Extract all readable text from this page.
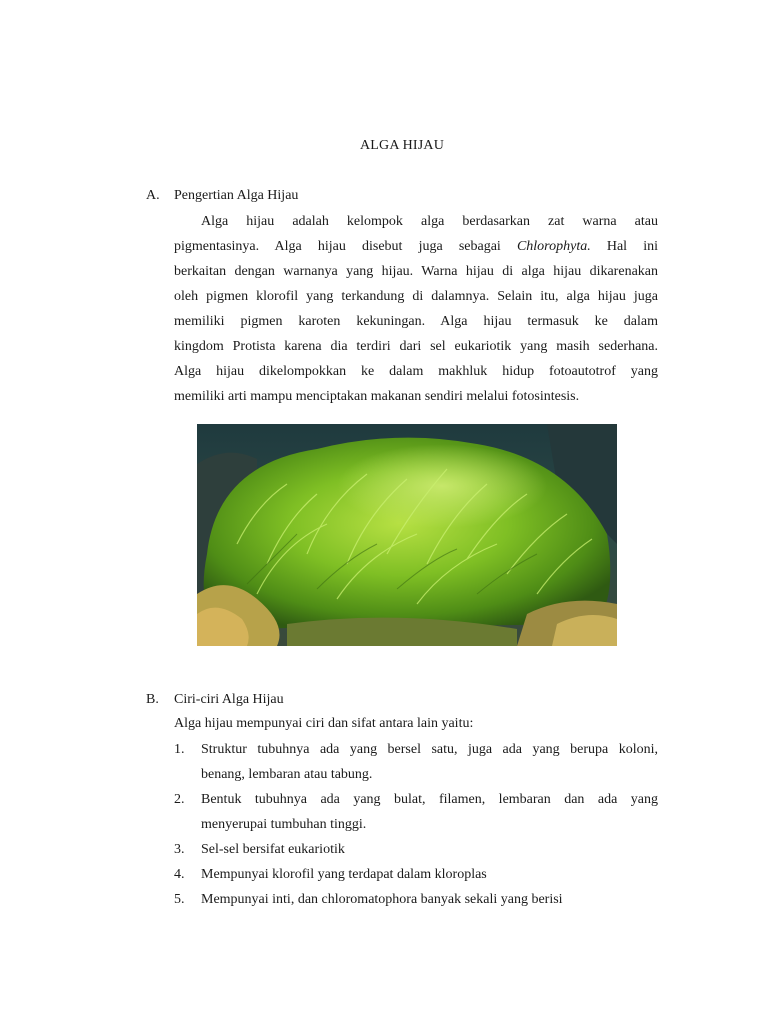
ALGA HIJAU
A. Pengertian Alga Hijau
Alga hijau adalah kelompok alga berdasarkan zat warna atau
pigmentasinya. Alga hijau disebut juga sebagai Chlorophyta. Hal ini
berkaitan dengan warnanya yang hijau. Warna hijau di alga hijau dikarenakan
oleh pigmen klorofil yang terkandung di dalamnya. Selain itu, alga hijau juga
memiliki pigmen karoten kekuningan. Alga hijau termasuk ke dalam
kingdom Protista karena dia terdiri dari sel eukariotik yang masih sederhana.
Alga hijau dikelompokkan ke dalam makhluk hidup fotoautotrof yang
memiliki arti mampu menciptakan makanan sendiri melalui fotosintesis.
B. Ciri-ciri Alga Hijau
Alga hijau mempunyai ciri dan sifat antara lain yaitu:
1. Struktur tubuhnya ada yang bersel satu, juga ada yang berupa koloni,
benang, lembaran atau tabung.
2. Bentuk tubuhnya ada yang bulat, filamen, lembaran dan ada yang
menyerupai tumbuhan tinggi.
3. Sel-sel bersifat eukariotik
4. Mempunyai klorofil yang terdapat dalam kloroplas
5. Mempunyai inti, dan chloromatophora banyak sekali yang berisi
